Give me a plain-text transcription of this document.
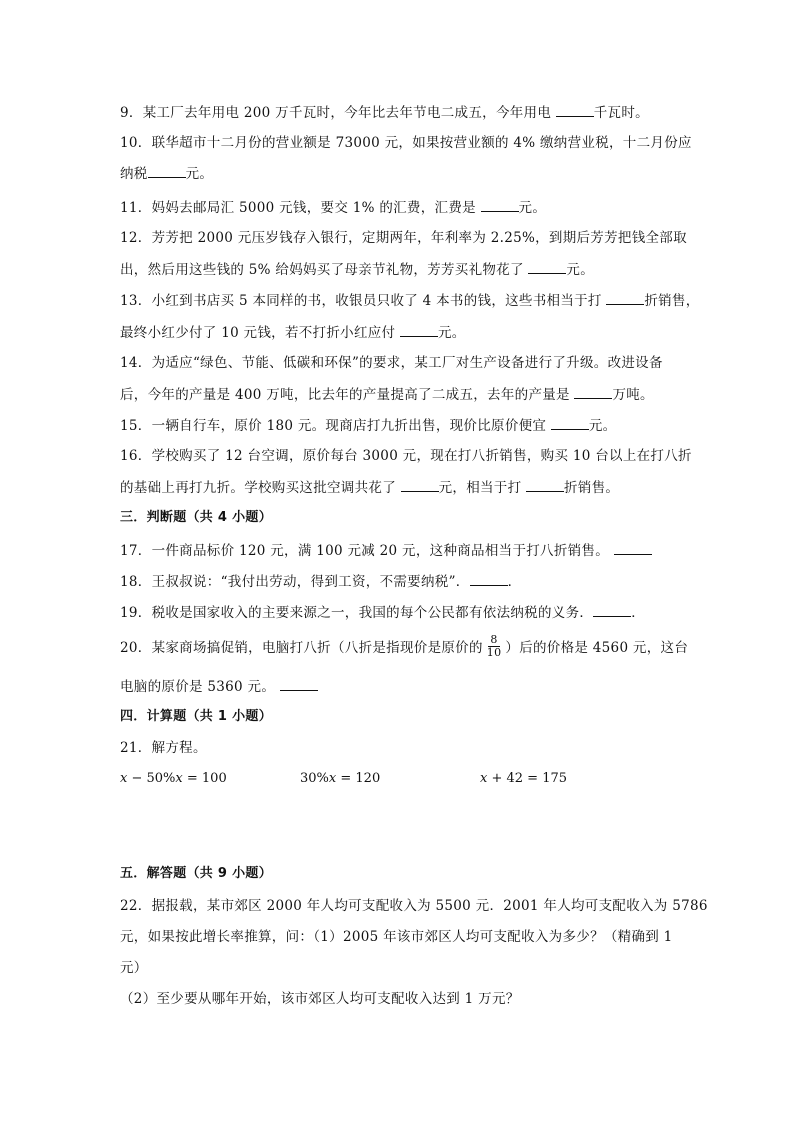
9．某工厂去年用电 200 万千瓦时，今年比去年节电二成五，今年用电	千瓦时。
10．联华超市十二月份的营业额是 73000 元，如果按营业额的 4% 缴纳营业税，十二月份应
纳税	元。
11．妈妈去邮局汇 5000 元钱，要交 1% 的汇费，汇费是	元。
12．芳芳把 2000 元压岁钱存入银行，定期两年，年利率为 2.25%，到期后芳芳把钱全部取
出，然后用这些钱的 5% 给妈妈买了母亲节礼物，芳芳买礼物花了	元。
13．小红到书店买 5 本同样的书，收银员只收了 4 本书的钱，这些书相当于打	折销售，
最终小红少付了 10 元钱，若不打折小红应付	元。
14．为适应“绿色、节能、低碳和环保”的要求，某工厂对生产设备进行了升级。改进设备
后，今年的产量是 400 万吨，比去年的产量提高了二成五，去年的产量是	万吨。
15．一辆自行车，原价 180 元。现商店打九折出售，现价比原价便宜	元。
16．学校购买了 12 台空调，原价每台 3000 元，现在打八折销售，购买 10 台以上在打八折
的基础上再打九折。学校购买这批空调共花了	元，相当于打	折销售。
三．判断题（共 4 小题）
17．一件商品标价 120 元，满 100 元减 20 元，这种商品相当于打八折销售。
18．王叔叔说：“我付出劳动，得到工资，不需要纳税”．	．
19．税收是国家收入的主要来源之一，我国的每个公民都有依法纳税的义务．	．
20．某家商场搞促销，电脑打八折（八折是指现价是原价的 $\frac{8}{10}$ ）后的价格是 4560 元，这台
电脑的原价是 5360 元。
四．计算题（共 1 小题）
21．解方程。
五．解答题（共 9 小题）
22．据报载，某市郊区 2000 年人均可支配收入为 5500 元．2001 年人均可支配收入为 5786
元，如果按此增长率推算，问：（1）2005 年该市郊区人均可支配收入为多少？（精确到 1
元）
（2）至少要从哪年开始，该市郊区人均可支配收入达到 1 万元？
x − 50%x = 100	30%x = 120	x + 42 = 175
